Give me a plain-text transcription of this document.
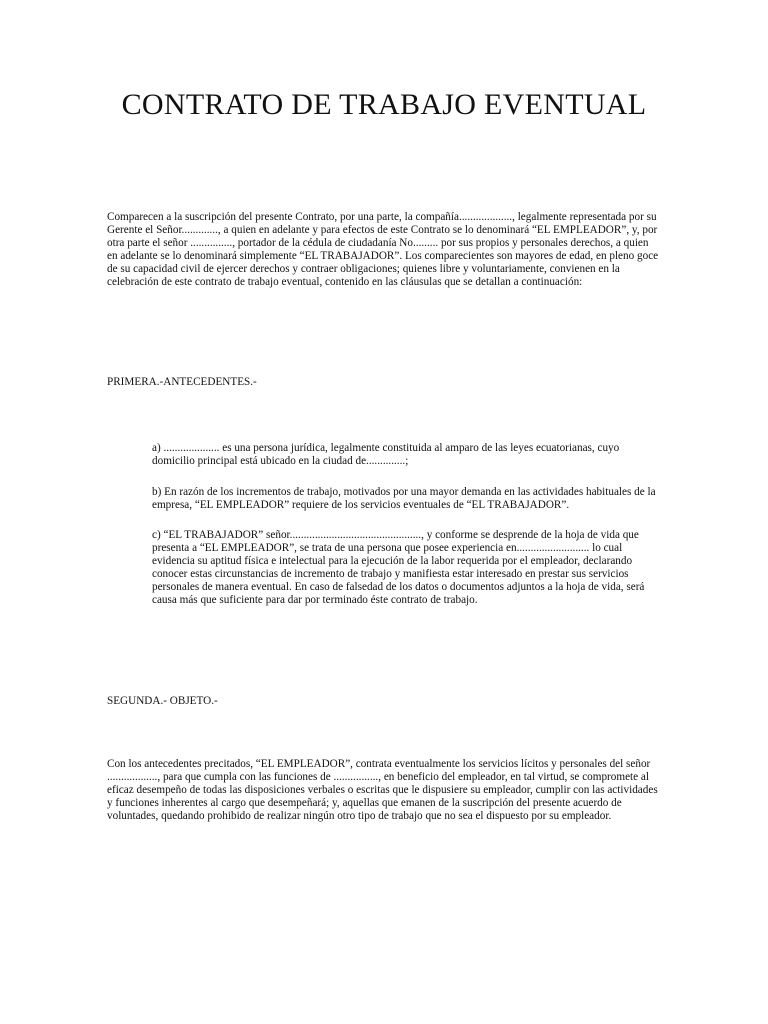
CONTRATO DE TRABAJO EVENTUAL

Comparecen a la suscripción del presente Contrato, por una parte, la compañía..................., legalmente representada por su Gerente el Señor............., a quien en adelante y para efectos de este Contrato se lo denominará “EL EMPLEADOR”, y, por otra parte el señor ..............., portador de la cédula de ciudadanía No......... por sus propios y personales derechos, a quien en adelante se lo denominará simplemente “EL TRABAJADOR”. Los comparecientes son mayores de edad, en pleno goce de su capacidad civil de ejercer derechos y contraer obligaciones; quienes libre y voluntariamente, convienen en la celebración de este contrato de trabajo eventual, contenido en las cláusulas que se detallan a continuación:

PRIMERA.-ANTECEDENTES.-

a) .................... es una persona jurídica, legalmente constituida al amparo de las leyes ecuatorianas, cuyo domicilio principal está ubicado en la ciudad de..............;

b) En razón de los incrementos de trabajo, motivados por una mayor demanda en las actividades habituales de la empresa, “EL EMPLEADOR” requiere de los servicios eventuales de “EL TRABAJADOR”.

c) “EL TRABAJADOR” señor..............................................., y conforme se desprende de la hoja de vida que presenta a “EL EMPLEADOR”, se trata de una persona que posee experiencia en.......................... lo cual evidencia su aptitud física e intelectual para la ejecución de la labor requerida por el empleador, declarando conocer estas circunstancias de incremento de trabajo y manifiesta estar interesado en prestar sus servicios personales de manera eventual. En caso de falsedad de los datos o documentos adjuntos a la hoja de vida, será causa más que suficiente para dar por terminado éste contrato de trabajo.

SEGUNDA.- OBJETO.-

Con los antecedentes precitados, “EL EMPLEADOR”, contrata eventualmente los servicios lícitos y personales del señor .................., para que cumpla con las funciones de ................, en beneficio del empleador, en tal virtud, se compromete al eficaz desempeño de todas las disposiciones verbales o escritas que le dispusiere su empleador, cumplir con las actividades y funciones inherentes al cargo que desempeñará; y, aquellas que emanen de la suscripción del presente acuerdo de voluntades, quedando prohibido de realizar ningún otro tipo de trabajo que no sea el dispuesto por su empleador.
